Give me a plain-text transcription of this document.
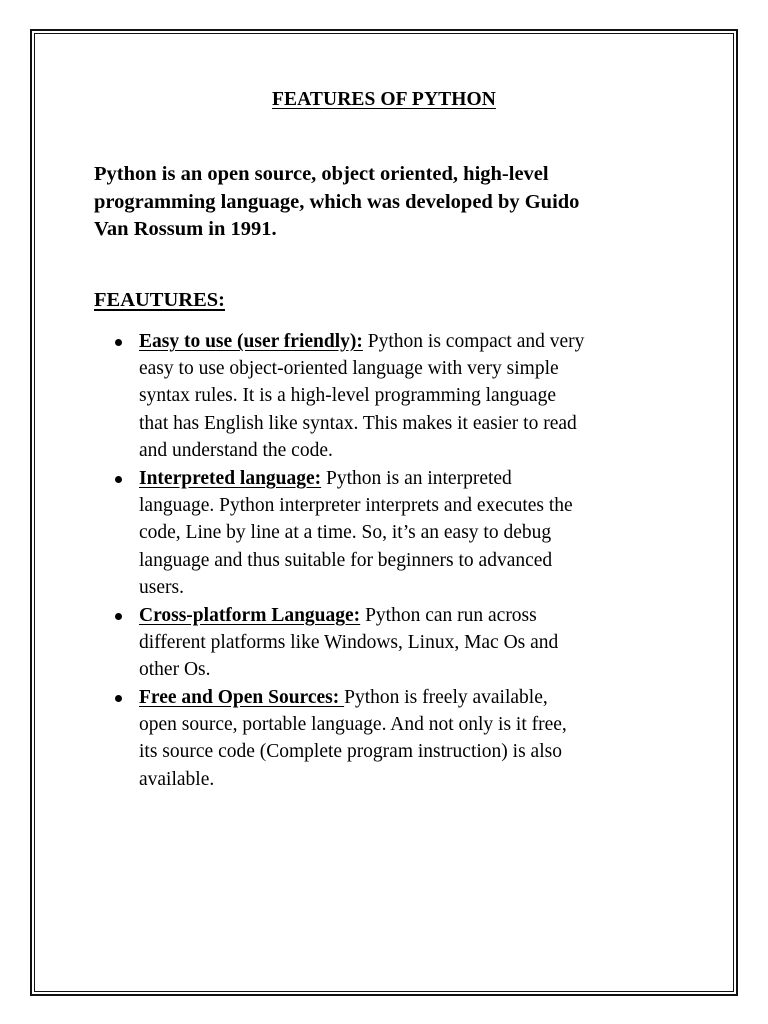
FEATURES OF PYTHON

Python is an open source, object oriented, high-level
programming language, which was developed by Guido
Van Rossum in 1991.

FEAUTURES:
Easy to use (user friendly): Python is compact and very
easy to use object-oriented language with very simple
syntax rules. It is a high-level programming language
that has English like syntax. This makes it easier to read
and understand the code.
Interpreted language: Python is an interpreted
language. Python interpreter interprets and executes the
code, Line by line at a time. So, it’s an easy to debug
language and thus suitable for beginners to advanced
users.
Cross-platform Language: Python can run across
different platforms like Windows, Linux, Mac Os and
other Os.
Free and Open Sources: Python is freely available,
open source, portable language. And not only is it free,
its source code (Complete program instruction) is also
available.
